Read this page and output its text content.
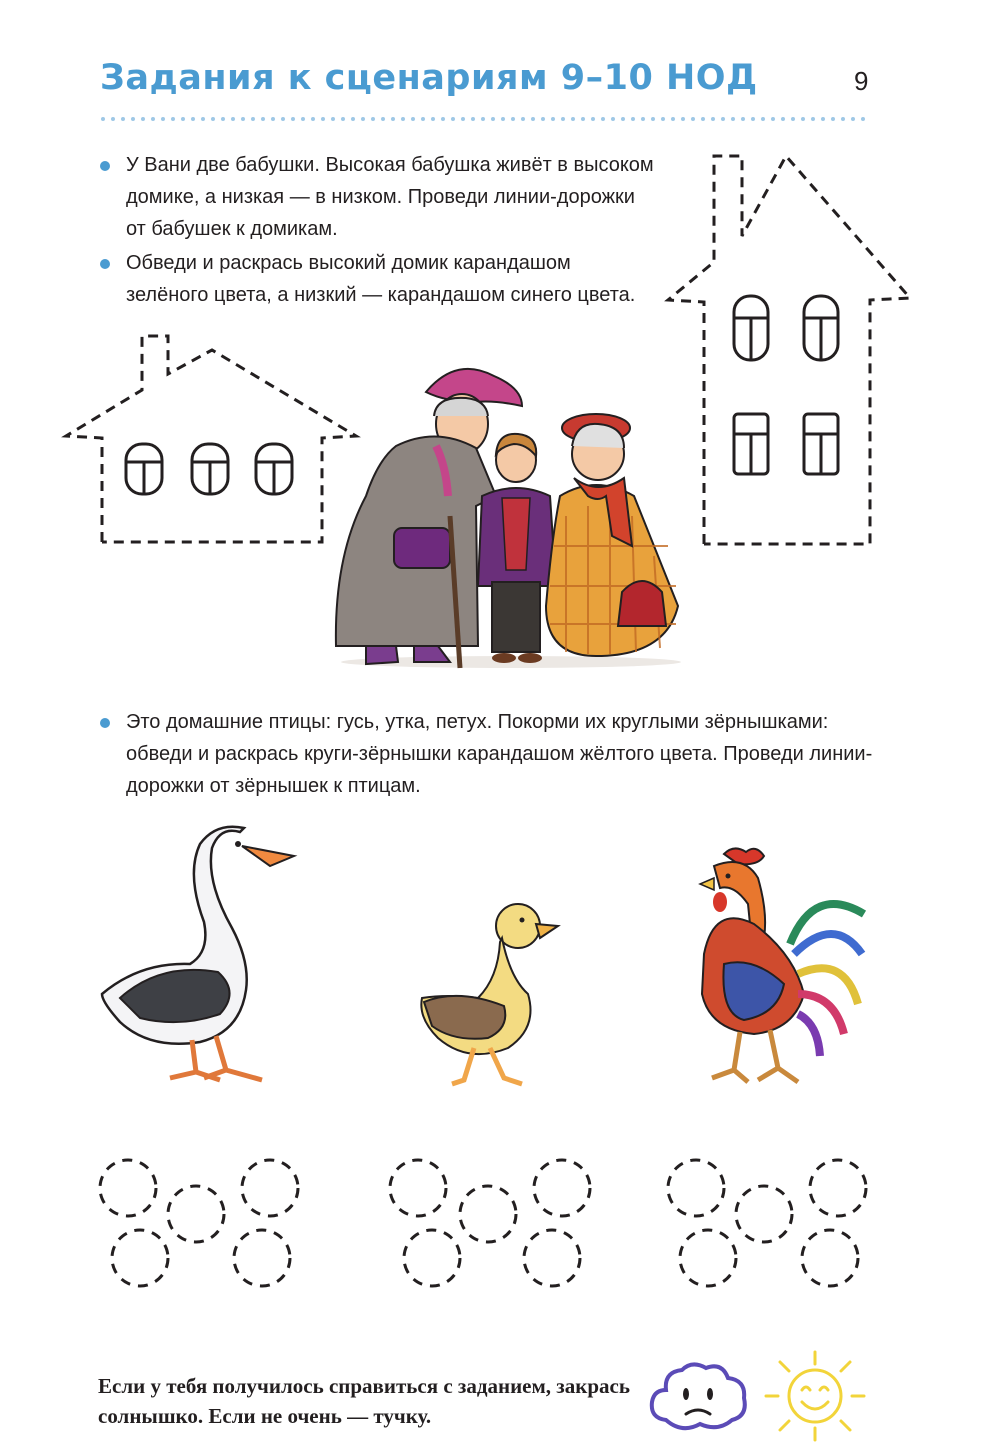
Задания к сценариям 9–10 НОД	9
У Вани две бабушки. Высокая бабушка живёт в высоком домике, а низкая — в низком. Проведи линии-дорожки от бабушек к домикам.
Обведи и раскрась высокий домик карандашом зелёного цвета, а низкий — карандашом синего цвета.
Это домашние птицы: гусь, утка, петух. Покорми их круглыми зёрнышками: обведи и раскрась круги-зёрнышки карандашом жёлтого цвета. Проведи линии-дорожки от зёрнышек к птицам.
Если у тебя получилось справиться с заданием, закрась солнышко. Если не очень — тучку.
